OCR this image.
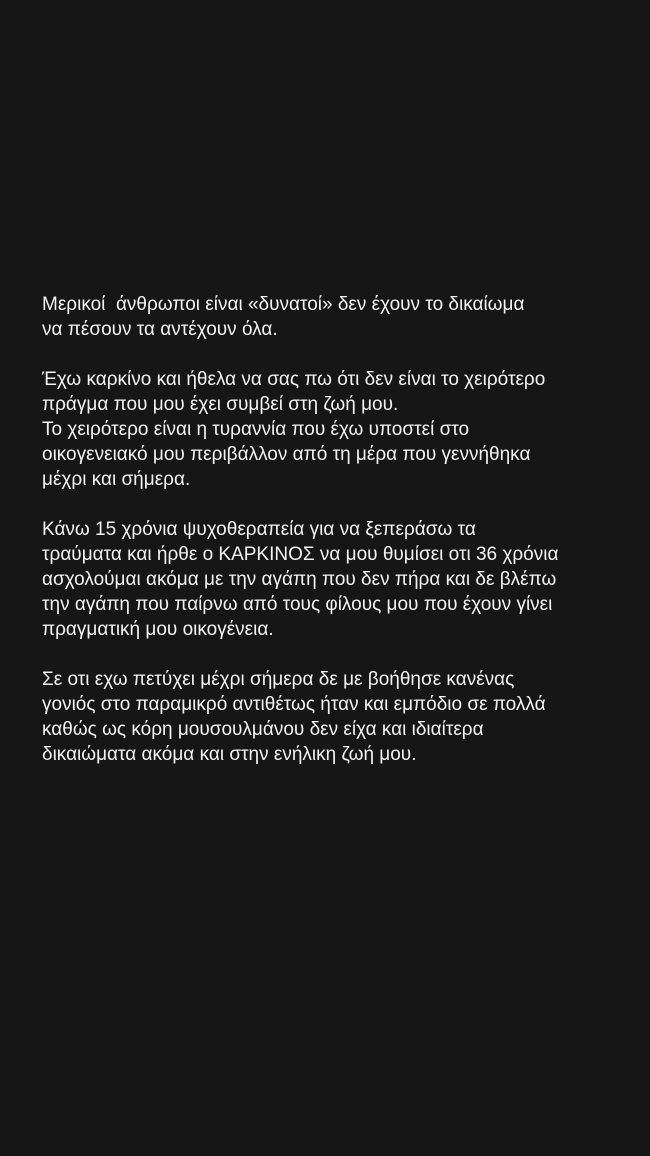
Μερικοί  άνθρωποι είναι «δυνατοί» δεν έχουν το δικαίωμα
να πέσουν τα αντέχουν όλα.

Έχω καρκίνο και ήθελα να σας πω ότι δεν είναι το χειρότερο
πράγμα που μου έχει συμβεί στη ζωή μου.
Το χειρότερο είναι η τυραννία που έχω υποστεί στο
οικογενειακό μου περιβάλλον από τη μέρα που γεννήθηκα
μέχρι και σήμερα.

Κάνω 15 χρόνια ψυχοθεραπεία για να ξεπεράσω τα
τραύματα και ήρθε ο ΚΑΡΚΙΝΟΣ να μου θυμίσει οτι 36 χρόνια
ασχολούμαι ακόμα με την αγάπη που δεν πήρα και δε βλέπω
την αγάπη που παίρνω από τους φίλους μου που έχουν γίνει
πραγματική μου οικογένεια.

Σε οτι εχω πετύχει μέχρι σήμερα δε με βοήθησε κανένας
γονιός στο παραμικρό αντιθέτως ήταν και εμπόδιο σε πολλά
καθώς ως κόρη μουσουλμάνου δεν είχα και ιδιαίτερα
δικαιώματα ακόμα και στην ενήλικη ζωή μου.
